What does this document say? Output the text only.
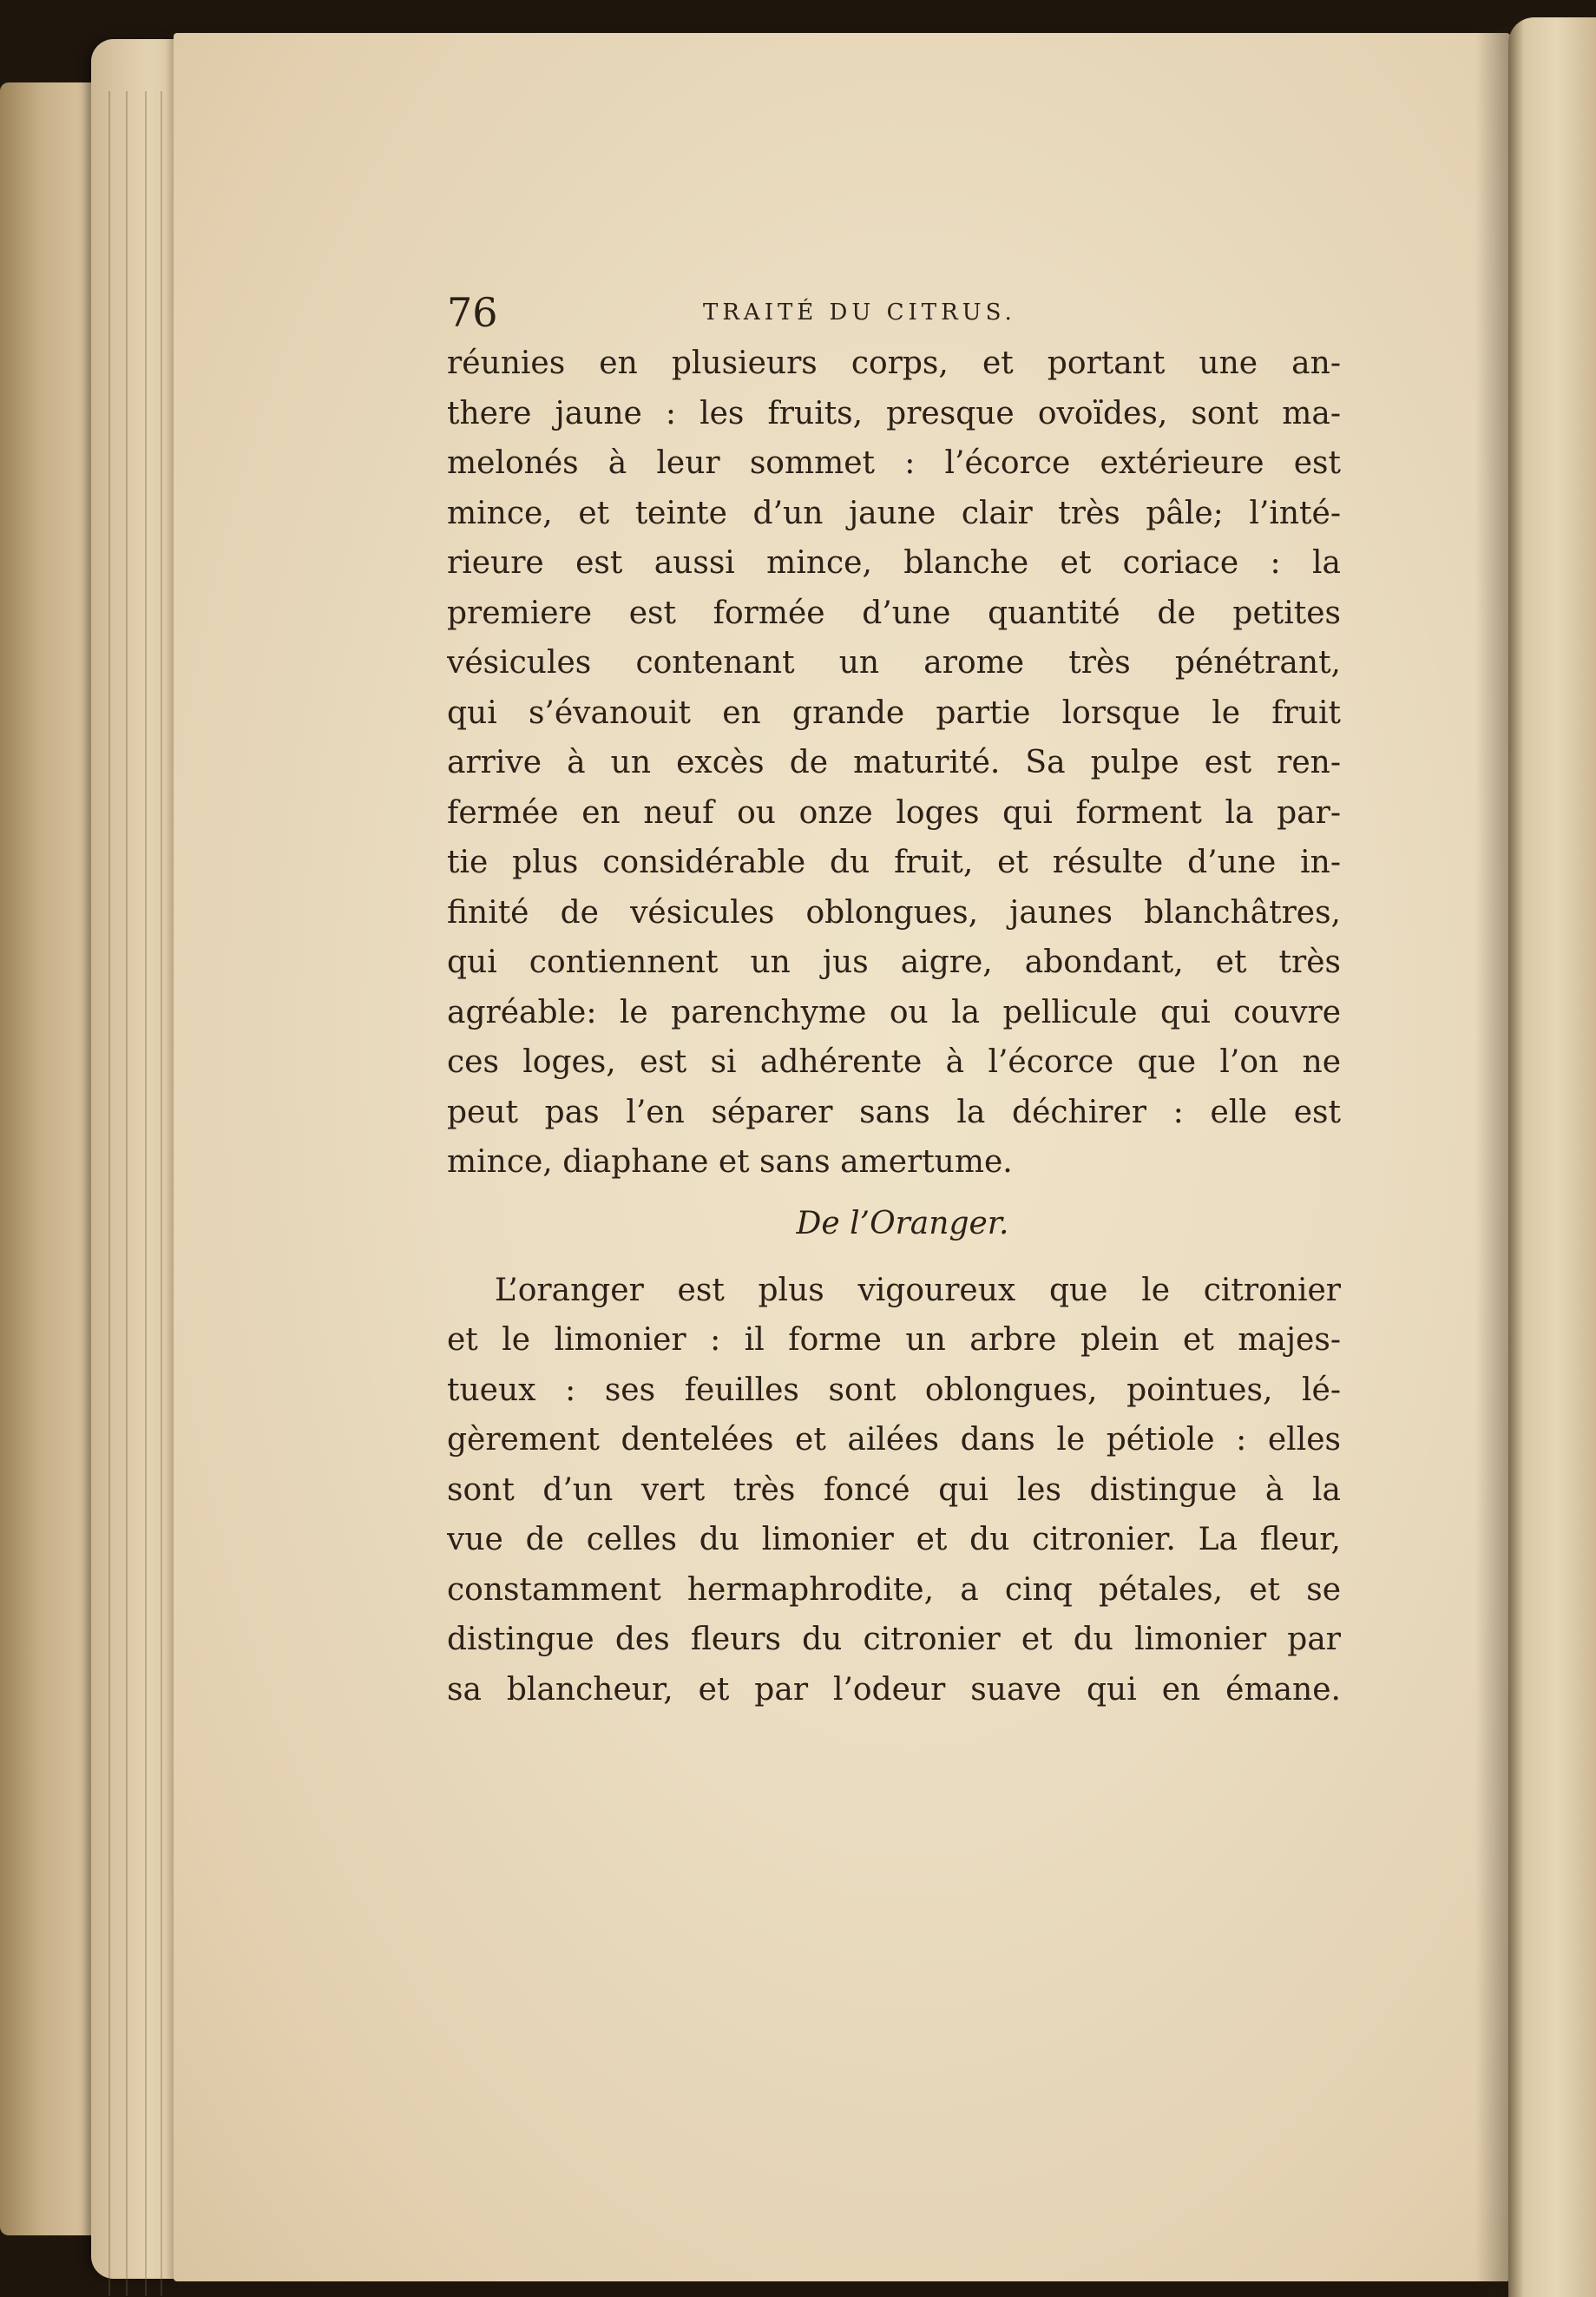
76	TRAITÉ DU CITRUS.
réunies en plusieurs corps, et portant une an-
there jaune : les fruits, presque ovoïdes, sont ma-
melonés à leur sommet : l’écorce extérieure est
mince, et teinte d’un jaune clair très pâle; l’inté-
rieure est aussi mince, blanche et coriace : la
premiere est formée d’une quantité de petites
vésicules contenant un arome très pénétrant,
qui s’évanouit en grande partie lorsque le fruit
arrive à un excès de maturité. Sa pulpe est ren-
fermée en neuf ou onze loges qui forment la par-
tie plus considérable du fruit, et résulte d’une in-
finité de vésicules oblongues, jaunes blanchâtres,
qui contiennent un jus aigre, abondant, et très
agréable: le parenchyme ou la pellicule qui couvre
ces loges, est si adhérente à l’écorce que l’on ne
peut pas l’en séparer sans la déchirer : elle est
mince, diaphane et sans amertume.
De l’Oranger.
L’oranger est plus vigoureux que le citronier
et le limonier : il forme un arbre plein et majes-
tueux : ses feuilles sont oblongues, pointues, lé-
gèrement dentelées et ailées dans le pétiole : elles
sont d’un vert très foncé qui les distingue à la
vue de celles du limonier et du citronier. La fleur,
constamment hermaphrodite, a cinq pétales, et se
distingue des fleurs du citronier et du limonier par
sa blancheur, et par l’odeur suave qui en émane.
